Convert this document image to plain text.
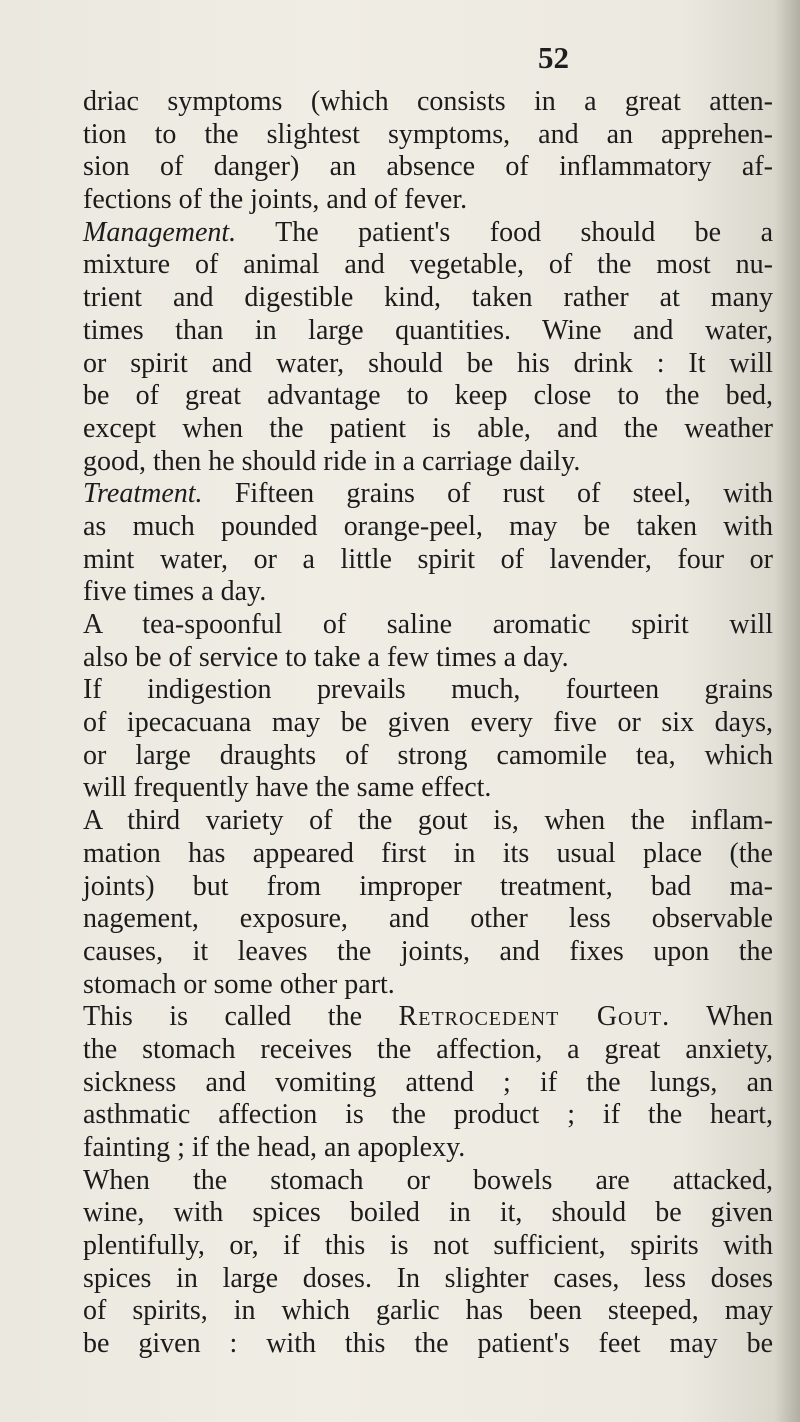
52
driac symptoms (which consists in a great atten-
tion to the slightest symptoms, and an apprehen-
sion of danger) an absence of inflammatory af-
fections of the joints, and of fever.
Management. The patient's food should be a
mixture of animal and vegetable, of the most nu-
trient and digestible kind, taken rather at many
times than in large quantities. Wine and water,
or spirit and water, should be his drink : It will
be of great advantage to keep close to the bed,
except when the patient is able, and the weather
good, then he should ride in a carriage daily.
Treatment. Fifteen grains of rust of steel, with
as much pounded orange-peel, may be taken with
mint water, or a little spirit of lavender, four or
five times a day.
A tea-spoonful of saline aromatic spirit will
also be of service to take a few times a day.
If indigestion prevails much, fourteen grains
of ipecacuana may be given every five or six days,
or large draughts of strong camomile tea, which
will frequently have the same effect.
A third variety of the gout is, when the inflam-
mation has appeared first in its usual place (the
joints) but from improper treatment, bad ma-
nagement, exposure, and other less observable
causes, it leaves the joints, and fixes upon the
stomach or some other part.
This is called the Retrocedent Gout. When
the stomach receives the affection, a great anxiety,
sickness and vomiting attend ; if the lungs, an
asthmatic affection is the product ; if the heart,
fainting ; if the head, an apoplexy.
When the stomach or bowels are attacked,
wine, with spices boiled in it, should be given
plentifully, or, if this is not sufficient, spirits with
spices in large doses. In slighter cases, less doses
of spirits, in which garlic has been steeped, may
be given : with this the patient's feet may be
